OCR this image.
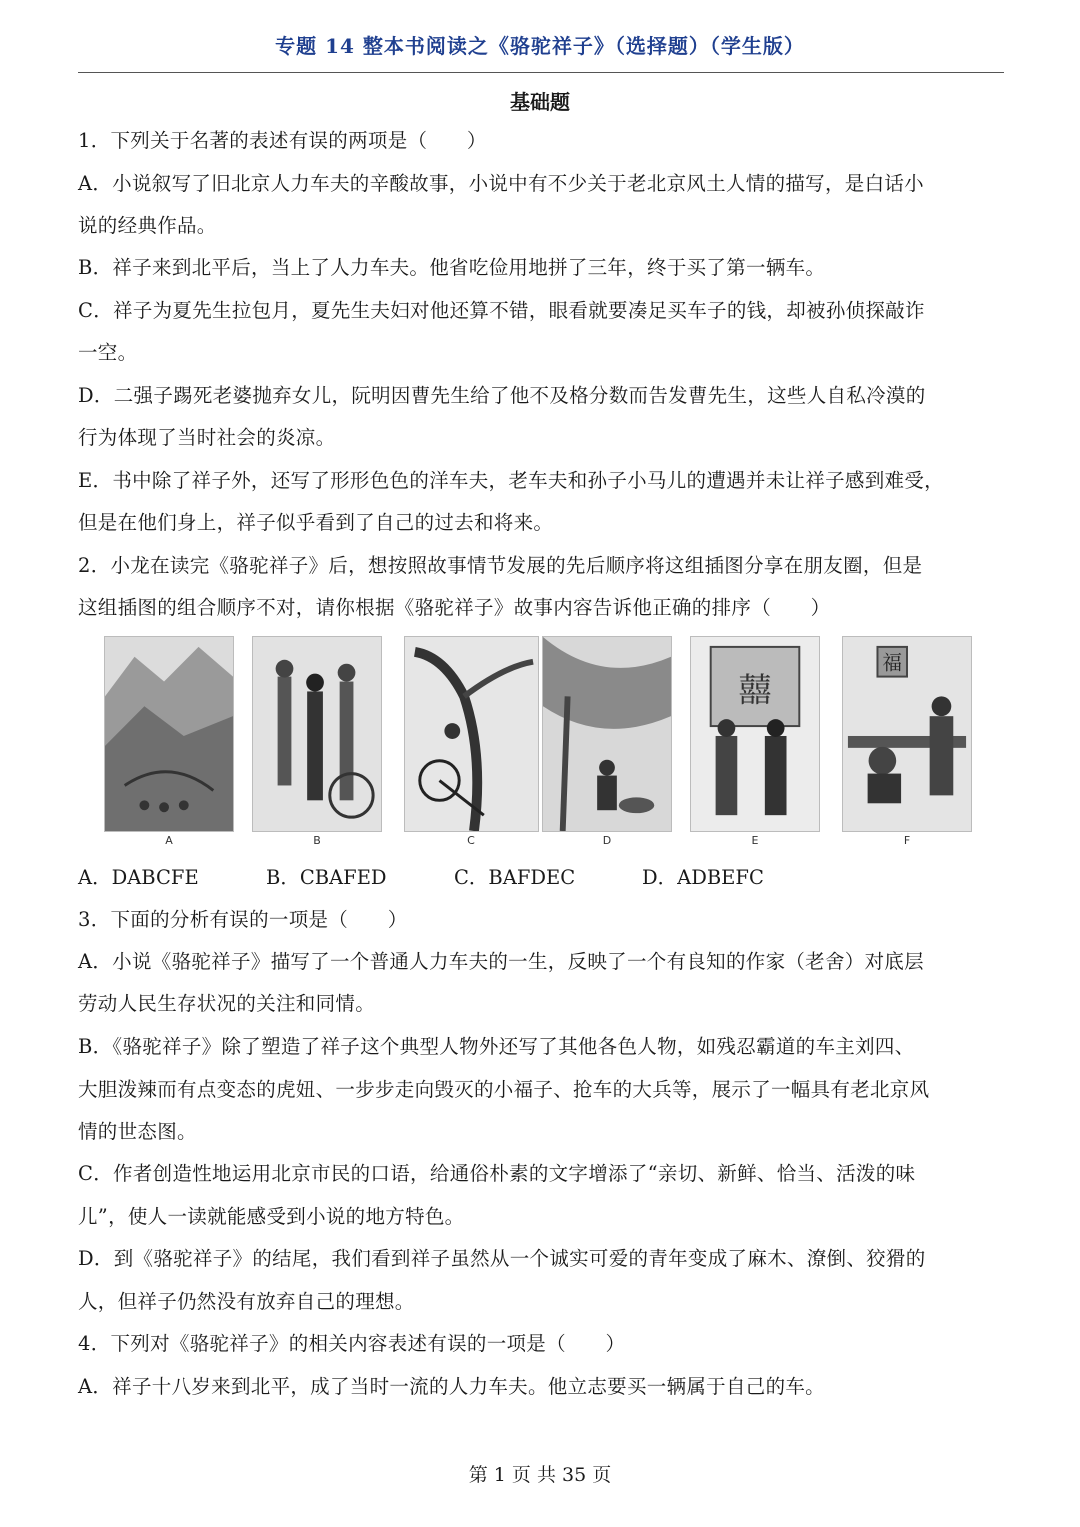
专题 14 整本书阅读之《骆驼祥子》（选择题）（学生版）
基础题
1．下列关于名著的表述有误的两项是（　　）
A．小说叙写了旧北京人力车夫的辛酸故事，小说中有不少关于老北京风土人情的描写，是白话小
说的经典作品。
B．祥子来到北平后，当上了人力车夫。他省吃俭用地拼了三年，终于买了第一辆车。
C．祥子为夏先生拉包月，夏先生夫妇对他还算不错，眼看就要凑足买车子的钱，却被孙侦探敲诈
一空。
D．二强子踢死老婆抛弃女儿，阮明因曹先生给了他不及格分数而告发曹先生，这些人自私冷漠的
行为体现了当时社会的炎凉。
E．书中除了祥子外，还写了形形色色的洋车夫，老车夫和孙子小马儿的遭遇并未让祥子感到难受，
但是在他们身上，祥子似乎看到了自己的过去和将来。
2．小龙在读完《骆驼祥子》后，想按照故事情节发展的先后顺序将这组插图分享在朋友圈，但是
这组插图的组合顺序不对，请你根据《骆驼祥子》故事内容告诉他正确的排序（　　）
囍
福
A	B	C	D	E	F
A．DABCFE	B．CBAFED	C．BAFDEC	D．ADBEFC
3．下面的分析有误的一项是（　　）
A．小说《骆驼祥子》描写了一个普通人力车夫的一生，反映了一个有良知的作家（老舍）对底层
劳动人民生存状况的关注和同情。
B．《骆驼祥子》除了塑造了祥子这个典型人物外还写了其他各色人物，如残忍霸道的车主刘四、
大胆泼辣而有点变态的虎妞、一步步走向毁灭的小福子、抢车的大兵等，展示了一幅具有老北京风
情的世态图。
C．作者创造性地运用北京市民的口语，给通俗朴素的文字增添了“亲切、新鲜、恰当、活泼的味
儿”，使人一读就能感受到小说的地方特色。
D．到《骆驼祥子》的结尾，我们看到祥子虽然从一个诚实可爱的青年变成了麻木、潦倒、狡猾的
人，但祥子仍然没有放弃自己的理想。
4．下列对《骆驼祥子》的相关内容表述有误的一项是（　　）
A．祥子十八岁来到北平，成了当时一流的人力车夫。他立志要买一辆属于自己的车。
第 1 页 共 35 页
